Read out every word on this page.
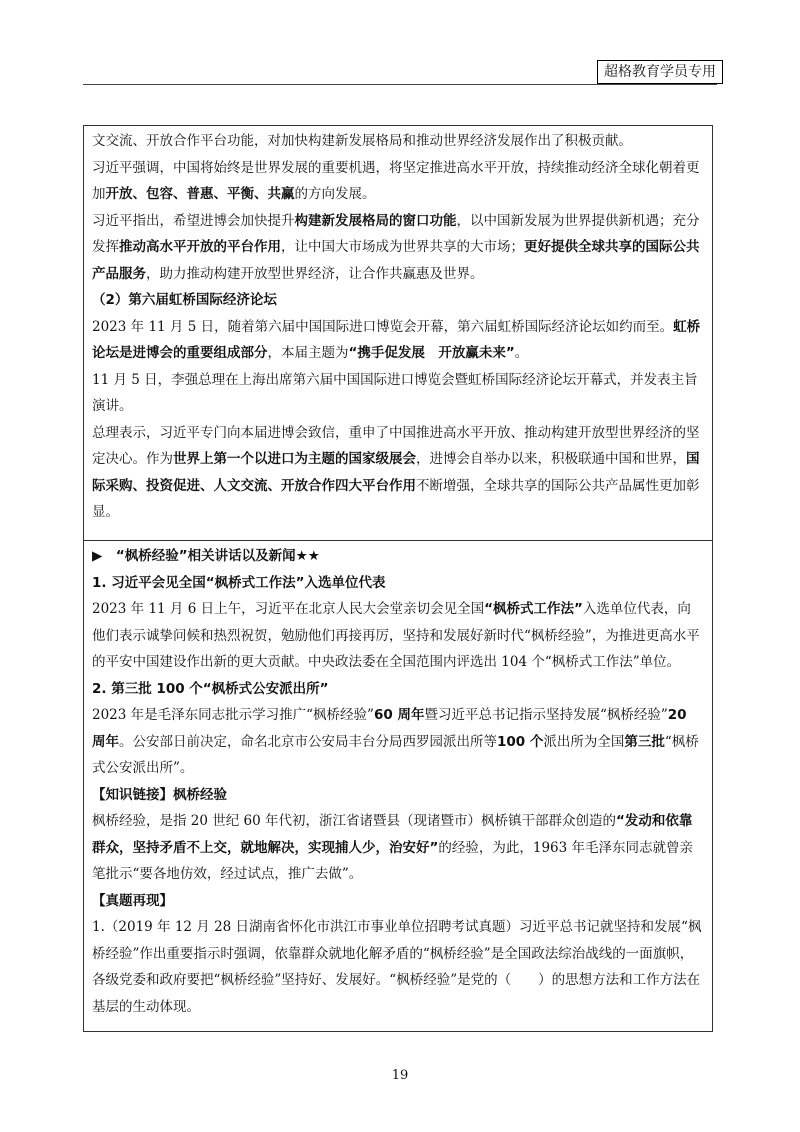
超格教育学员专用

文交流、开放合作平台功能，对加快构建新发展格局和推动世界经济发展作出了积极贡献。

习近平强调，中国将始终是世界发展的重要机遇，将坚定推进高水平开放，持续推动经济全球化朝着更加开放、包容、普惠、平衡、共赢的方向发展。

习近平指出，希望进博会加快提升构建新发展格局的窗口功能，以中国新发展为世界提供新机遇；充分发挥推动高水平开放的平台作用，让中国大市场成为世界共享的大市场；更好提供全球共享的国际公共产品服务，助力推动构建开放型世界经济，让合作共赢惠及世界。

（2）第六届虹桥国际经济论坛

2023 年 11 月 5 日，随着第六届中国国际进口博览会开幕，第六届虹桥国际经济论坛如约而至。虹桥论坛是进博会的重要组成部分，本届主题为“携手促发展　开放赢未来”。

11 月 5 日，李强总理在上海出席第六届中国国际进口博览会暨虹桥国际经济论坛开幕式，并发表主旨演讲。

总理表示，习近平专门向本届进博会致信，重申了中国推进高水平开放、推动构建开放型世界经济的坚定决心。作为世界上第一个以进口为主题的国家级展会，进博会自举办以来，积极联通中国和世界，国际采购、投资促进、人文交流、开放合作四大平台作用不断增强，全球共享的国际公共产品属性更加彰显。

▶　“枫桥经验”相关讲话以及新闻★★

1. 习近平会见全国“枫桥式工作法”入选单位代表

2023 年 11 月 6 日上午，习近平在北京人民大会堂亲切会见全国“枫桥式工作法”入选单位代表，向他们表示诚挚问候和热烈祝贺，勉励他们再接再厉，坚持和发展好新时代“枫桥经验”，为推进更高水平的平安中国建设作出新的更大贡献。中央政法委在全国范围内评选出 104 个“枫桥式工作法”单位。

2. 第三批 100 个“枫桥式公安派出所”

2023 年是毛泽东同志批示学习推广“枫桥经验”60 周年暨习近平总书记指示坚持发展“枫桥经验”20 周年。公安部日前决定，命名北京市公安局丰台分局西罗园派出所等100 个派出所为全国第三批“枫桥式公安派出所”。

【知识链接】枫桥经验

枫桥经验，是指 20 世纪 60 年代初，浙江省诸暨县（现诸暨市）枫桥镇干部群众创造的“发动和依靠群众，坚持矛盾不上交，就地解决，实现捕人少，治安好”的经验，为此，1963 年毛泽东同志就曾亲笔批示“要各地仿效，经过试点，推广去做”。

【真题再现】

1.（2019 年 12 月 28 日湖南省怀化市洪江市事业单位招聘考试真题）习近平总书记就坚持和发展“枫桥经验”作出重要指示时强调，依靠群众就地化解矛盾的“枫桥经验”是全国政法综治战线的一面旗帜，各级党委和政府要把“枫桥经验”坚持好、发展好。“枫桥经验”是党的（　　）的思想方法和工作方法在基层的生动体现。

19
